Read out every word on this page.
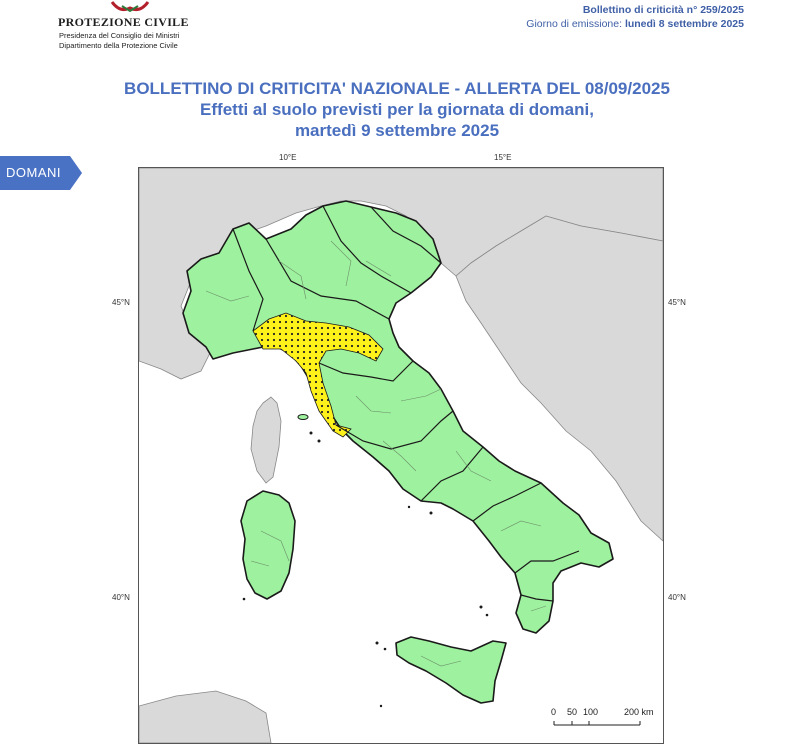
PROTEZIONE CIVILE
Presidenza del Consiglio dei Ministri
Dipartimento della Protezione Civile
Bollettino di criticità n° 259/2025
Giorno di emissione: lunedì 8 settembre 2025
BOLLETTINO DI CRITICITA' NAZIONALE - ALLERTA DEL 08/09/2025
Effetti al suolo previsti per la giornata di domani,
martedì 9 settembre 2025
DOMANI
10°E	15°E
45°N	45°N
40°N	40°N
0 50 100	200 km
